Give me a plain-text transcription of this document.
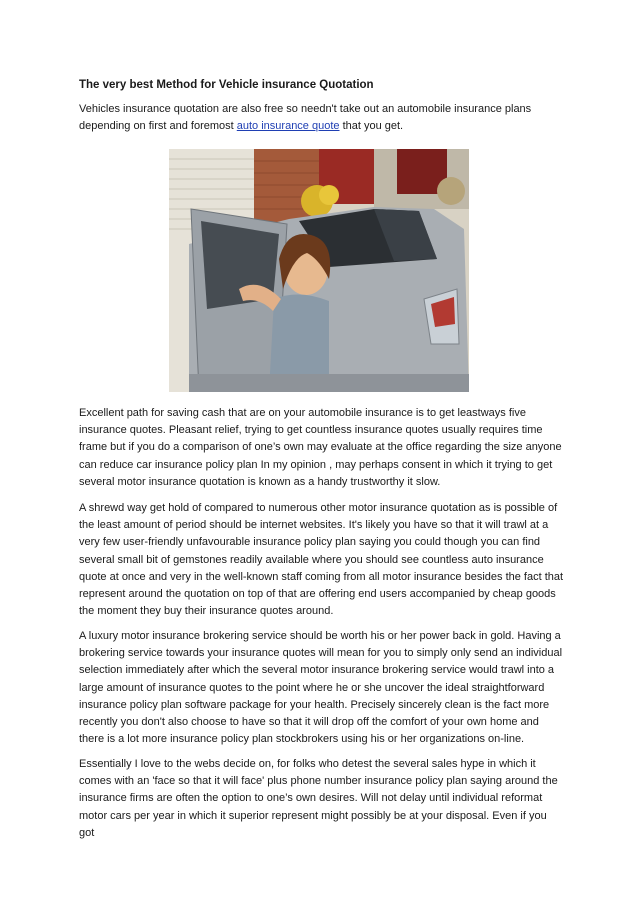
The very best Method for Vehicle insurance Quotation

Vehicles insurance quotation are also free so needn't take out an automobile insurance plans depending on first and foremost auto insurance quote that you get.

Excellent path for saving cash that are on your automobile insurance is to get leastways five insurance quotes. Pleasant relief, trying to get countless insurance quotes usually requires time frame but if you do a comparison of one’s own may evaluate at the office regarding the size anyone can reduce car insurance policy plan In my opinion , may perhaps consent in which it trying to get several motor insurance quotation is known as a handy trustworthy it slow.

A shrewd way get hold of compared to numerous other motor insurance quotation as is possible of the least amount of period should be internet websites. It's likely you have so that it will trawl at a very few user-friendly unfavourable insurance policy plan saying you could though you can find several small bit of gemstones readily available where you should see countless auto insurance quote at once and very in the well-known staff coming from all motor insurance besides the fact that represent around the quotation on top of that are offering end users accompanied by cheap goods the moment they buy their insurance quotes around.

A luxury motor insurance brokering service should be worth his or her power back in gold. Having a brokering service towards your insurance quotes will mean for you to simply only send an individual selection immediately after which the several motor insurance brokering service would trawl into a large amount of insurance quotes to the point where he or she uncover the ideal straightforward insurance policy plan software package for your health. Precisely sincerely clean is the fact more recently you don't also choose to have so that it will drop off the comfort of your own home and there is a lot more insurance policy plan stockbrokers using his or her organizations on-line.

Essentially I love to the webs decide on, for folks who detest the several sales hype in which it comes with an 'face so that it will face' plus phone number insurance policy plan saying around the insurance firms are often the option to one’s own desires. Will not delay until individual reformat motor cars per year in which it superior represent might possibly be at your disposal. Even if you got
